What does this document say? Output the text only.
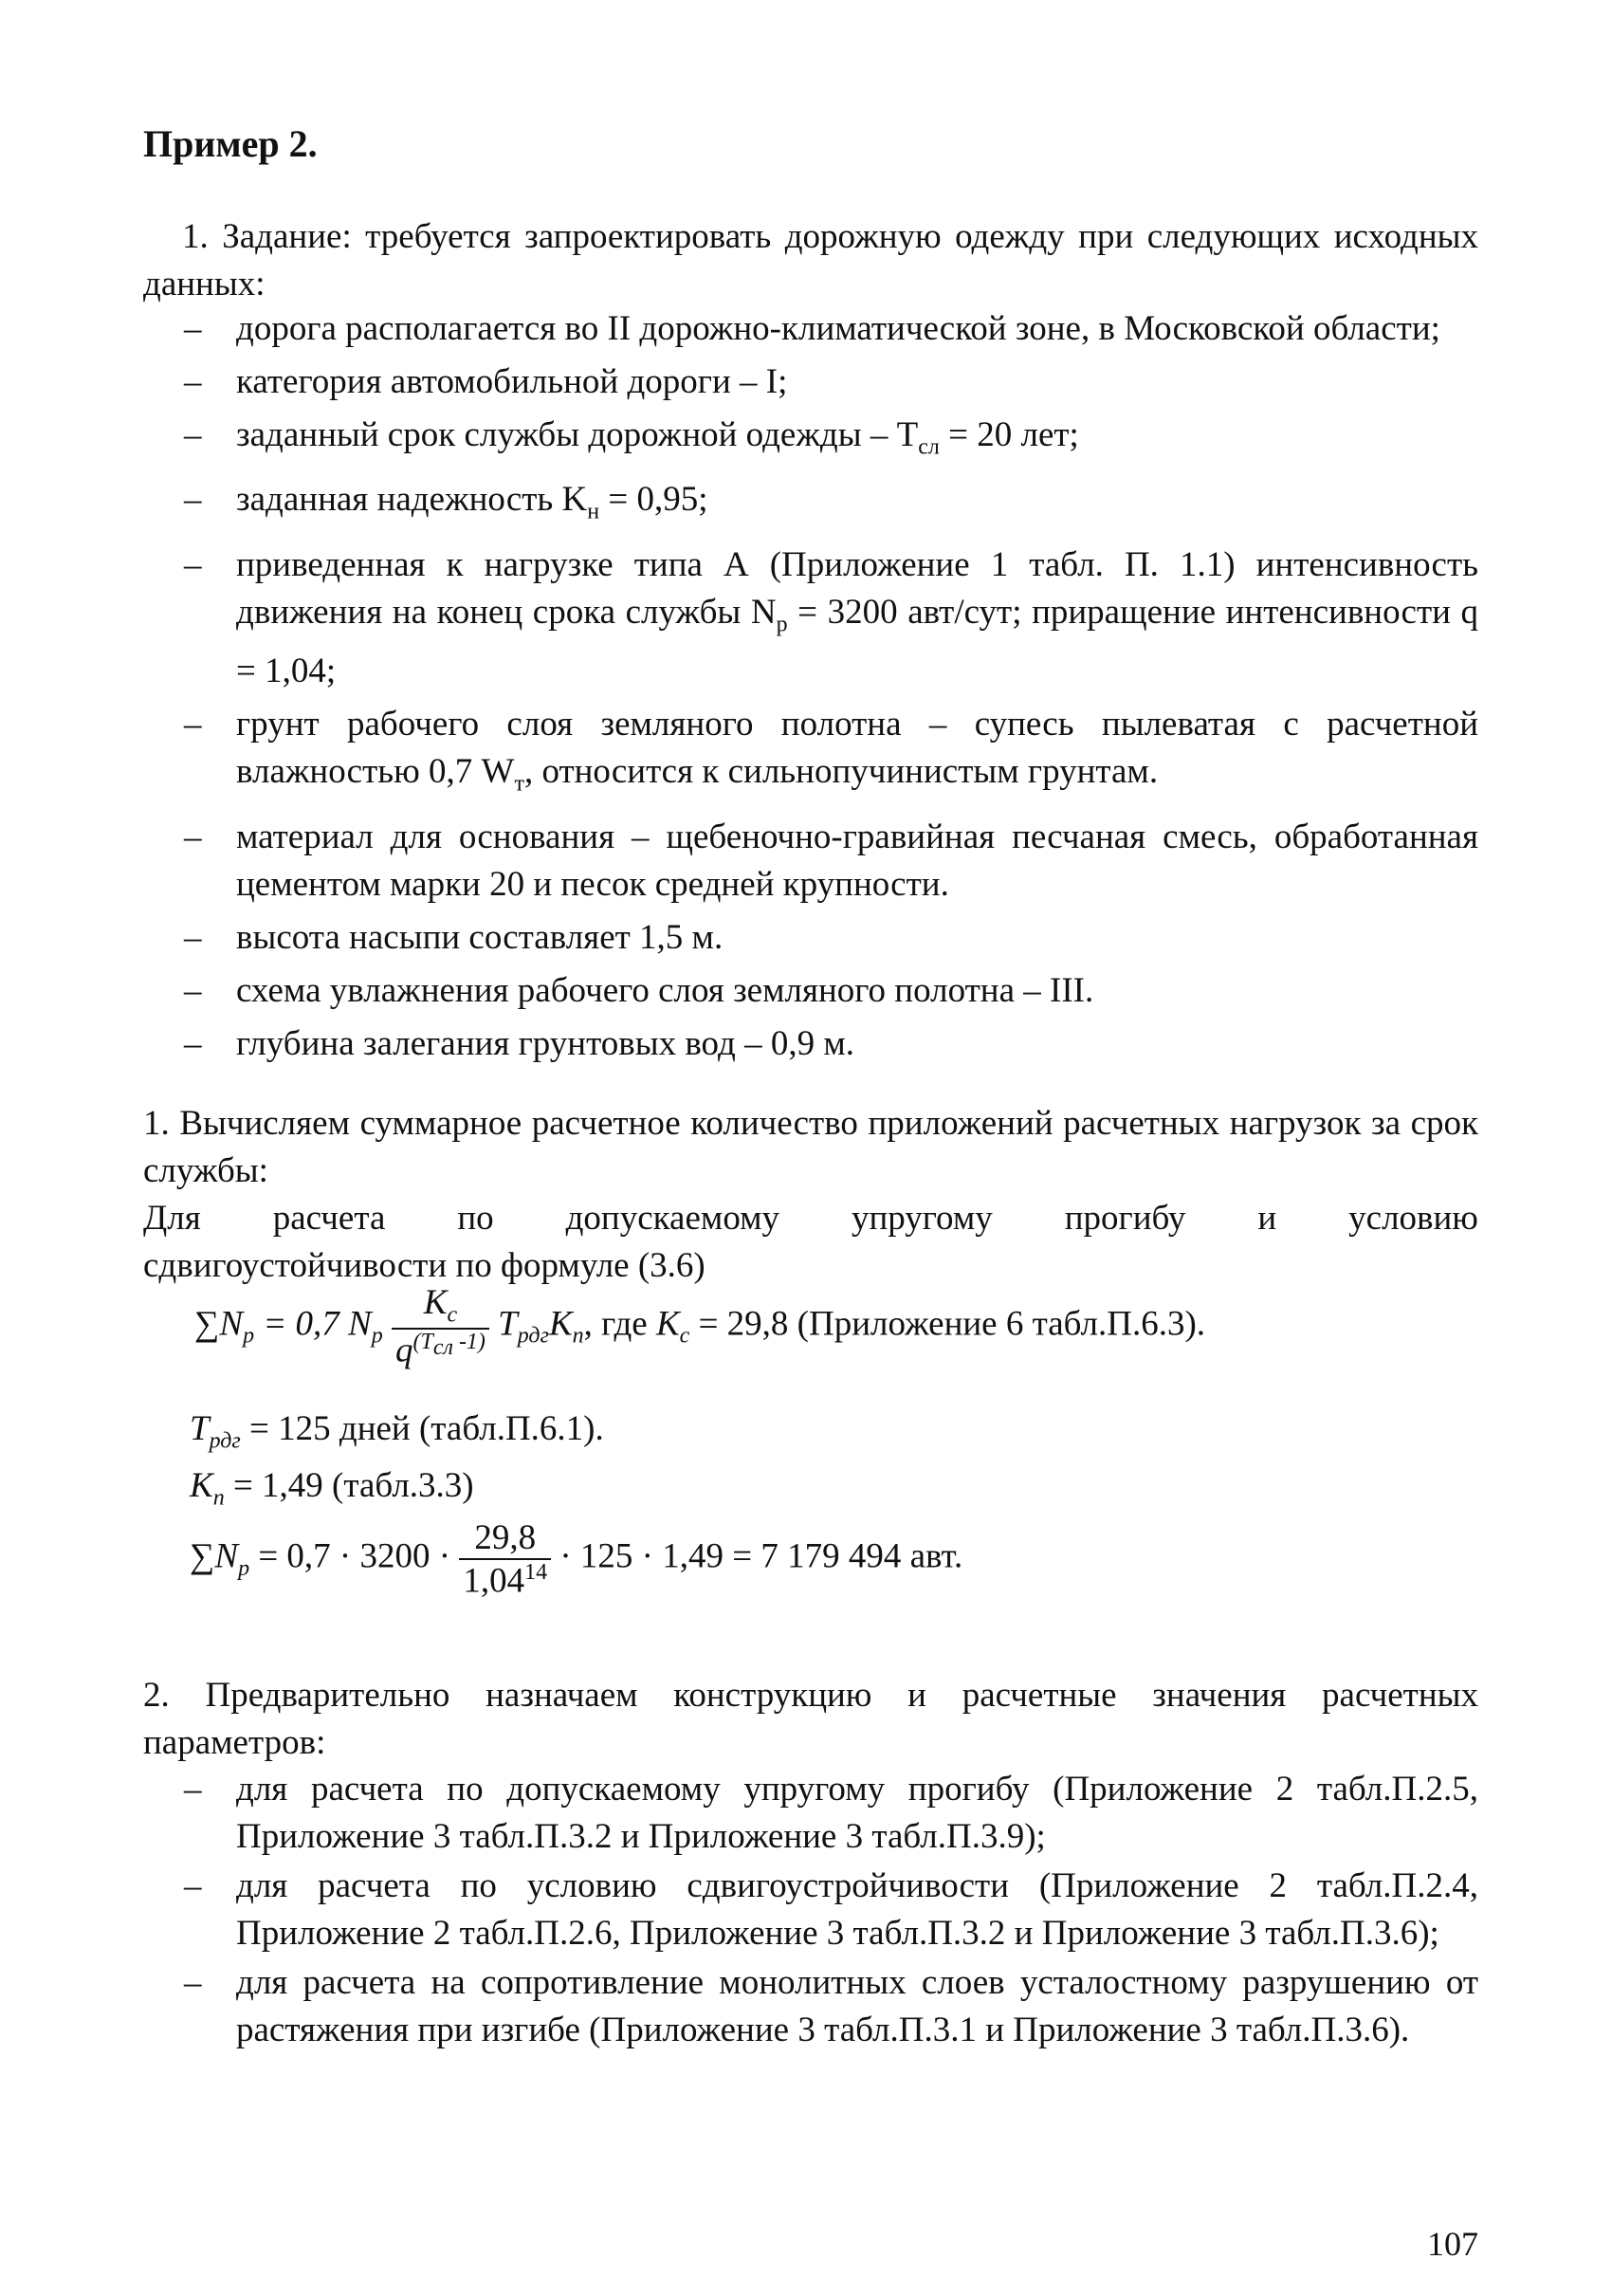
Пример 2.
1. Задание: требуется запроектировать дорожную одежду при следующих исходных данных:
– дорога располагается во II дорожно-климатической зоне, в Московской области;
– категория автомобильной дороги – I;
– заданный срок службы дорожной одежды – $T_{сл} = 20$ лет;
– заданная надежность $K_н = 0,95$;
– приведенная к нагрузке типа А (Приложение 1 табл. П. 1.1) интенсивность движения на конец срока службы $N_р = 3200$ авт/сут; приращение интенсивности q = 1,04;
– грунт рабочего слоя земляного полотна – супесь пылеватая с расчетной влажностью 0,7 $W_т$, относится к сильнопучинистым грунтам.
– материал для основания – щебеночно-гравийная песчаная смесь, обработанная цементом марки 20 и песок средней крупности.
– высота насыпи составляет 1,5 м.
– схема увлажнения рабочего слоя земляного полотна – III.
– глубина залегания грунтовых вод – 0,9 м.
1. Вычисляем суммарное расчетное количество приложений расчетных нагрузок за срок службы:
Для расчета по допускаемому упругому прогибу и условию
сдвигоустойчивости по формуле (3.6)
$\sum N_p = 0,7$ $N_p \frac{K_c}{q^{(T_{сл} -1)}} T_{рдг}K_n$, где $K_c = 29,8$ (Приложение 6 табл.П.6.3).
$T_{рдг} = 125$ дней (табл.П.6.1).
$K_n = 1,49$ (табл.3.3)
$\sum N_p = 0,7 \cdot 3200 \cdot \frac{29,8}{1,04^{14}} \cdot 125 \cdot 1,49 = 7$ 179 494 авт.
2. Предварительно назначаем конструкцию и расчетные значения расчетных параметров:
– для расчета по допускаемому упругому прогибу (Приложение 2 табл.П.2.5, Приложение 3 табл.П.3.2 и Приложение 3 табл.П.3.9);
– для расчета по условию сдвигоустройчивости (Приложение 2 табл.П.2.4, Приложение 2 табл.П.2.6, Приложение 3 табл.П.3.2 и Приложение 3 табл.П.3.6);
– для расчета на сопротивление монолитных слоев усталостному разрушению от растяжения при изгибе (Приложение 3 табл.П.3.1 и Приложение 3 табл.П.3.6).
107
